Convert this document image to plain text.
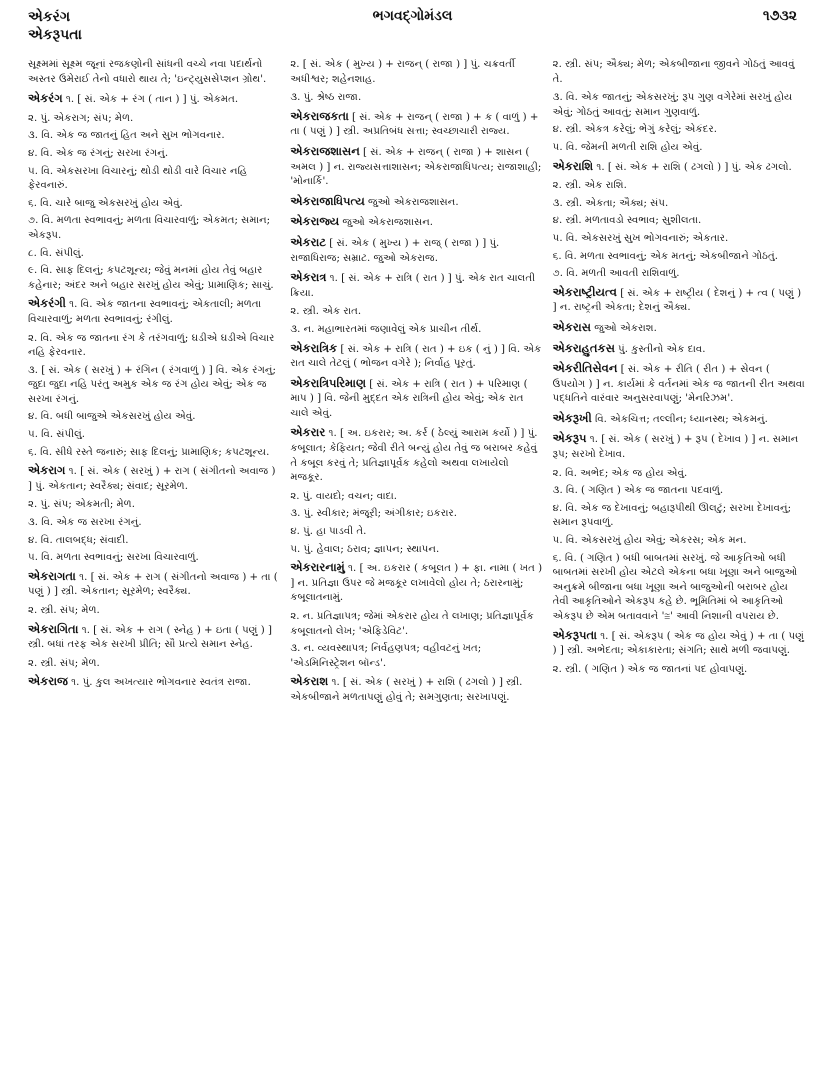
એકરંગ
એકરૂપતા
ભગવદ્ગોમંડલ	૧૭૩૨
સૂક્ષ્મમાં સૂક્ષ્મ જૂનાં રજકણોની સાંધની વચ્ચે નવા પદાર્થનો અસ્તર ઉમેરાઈ તેનો વધારો થાય તે; 'ઇન્ટ્યુસસેપ્શન ગ્રોથ'.
એકરંગ ૧. [ સં. એક + રંગ ( તાન ) ] પું. એકમત.
૨. પું. એકરાગ; સંપ; મેળ.
૩. વિ. એક જ જાતનું હિત અને સુખ ભોગવનાર.
૪. વિ. એક જ રંગનું; સરખા રંગનું.
૫. વિ. એકસરખા વિચારનું; થોડી થોડી વારે વિચાર નહિ ફેરવનારું.
૬. વિ. ચારે બાજુ એકસરખું હોય એવું.
૭. વિ. મળતા સ્વભાવનું; મળતા વિચારવાળું; એકમત; સમાન; એકરૂપ.
૮. વિ. સંપીલું.
૯. વિ. સાફ દિલનું; કપટશૂન્ય; જેવું મનમાં હોય તેવું બહાર કહેનાર; અંદર અને બહાર સરખું હોય એવું; પ્રામાણિક; સાચું.
એકરંગી ૧. વિ. એક જાતના સ્વભાવનું; એકતાલી; મળતા વિચારવાળું; મળતા સ્વભાવનું; રંગીલું.
૨. વિ. એક જ જાતના રંગ કે તરંગવાળું; ઘડીએ ઘડીએ વિચાર નહિ ફેરવનાર.
૩. [ સં. એક ( સરખું ) + રંગિન ( રંગવાળું ) ] વિ. એક રંગનું; જુદા જુદા નહિ પરંતુ અમુક એક જ રંગ હોય એવું; એક જ સરખા રંગનું.
૪. વિ. બધી બાજુએ એકસરખું હોય એવું.
૫. વિ. સંપીલું.
૬. વિ. સીધે રસ્તે જનારું; સાફ દિલનું; પ્રામાણિક; કપટશૂન્ય.
એકરાગ ૧. [ સં. એક ( સરખું ) + રાગ ( સંગીતનો અવાજ ) ] પું. એકતાન; સ્વરૈક્ય; સંવાદ; સૂરમેળ.
૨. પું. સંપ; એકમતી; મેળ.
૩. વિ. એક જ સરખા રંગનું.
૪. વિ. તાલબદ્ધ; સંવાદી.
૫. વિ. મળતા સ્વભાવનું; સરખા વિચારવાળું.
એકરાગતા ૧. [ સં. એક + રાગ ( સંગીતનો અવાજ ) + તા ( પણું ) ] સ્ત્રી. એકતાન; સૂરમેળ; સ્વરૈક્ય.
૨. સ્ત્રી. સંપ; મેળ.
એકરાગિતા ૧. [ સં. એક + રાગ ( સ્નેહ ) + ઇતા ( પણું ) ] સ્ત્રી. બધાં તરફ એક સરખી પ્રીતિ; સૌ પ્રત્યે સમાન સ્નેહ.
૨. સ્ત્રી. સંપ; મેળ.
એકરાજ ૧. પું. કુલ અખત્યાર ભોગવનાર સ્વતંત્ર રાજા.
૨. [ સં. એક ( મુખ્ય ) + રાજન્ ( રાજા ) ] પું. ચક્રવર્તી અધીશ્વર; શહેનશાહ.
૩. પું. શ્રેષ્ઠ રાજા.
એકરાજકતા [ સં. એક + રાજન્ ( રાજા ) + ક ( વાળું ) + તા ( પણું ) ] સ્ત્રી. અપ્રતિબંધ સત્તા; સ્વચ્છાચારી રાજ્ય.
એકરાજશાસન [ સં. એક + રાજન્ ( રાજા ) + શાસન ( અમલ ) ] ન. રાજ્યસત્તાશાસન; એકરાજાધિપત્ય; રાજાશાહી; 'મોનાર્કિ'.
એકરાજાધિપત્ય જુઓ એકરાજશાસન.
એકરાજ્ય જુઓ એકરાજશાસન.
એકરાટ [ સં. એક ( મુખ્ય ) + રાજ્ ( રાજા ) ] પું. રાજાધિરાજ; સમ્રાટ. જુઓ એકરાજ.
એકરાત્ર ૧. [ સં. એક + રાત્રિ ( રાત ) ] પું. એક રાત ચાલતી ક્રિયા.
૨. સ્ત્રી. એક રાત.
૩. ન. મહાભારતમાં જણાવેલું એક પ્રાચીન તીર્થ.
એકરાત્રિક [ સં. એક + રાત્રિ ( રાત ) + ઇક ( નું ) ] વિ. એક રાત ચાલે તેટલું ( ભોજન વગેરે ); નિર્વાહ પૂરતું.
એકરાત્રિપરિમાણ [ સં. એક + રાત્રિ ( રાત ) + પરિમાણ ( માપ ) ] વિ. જેની મુદ્દત એક રાત્રિની હોય એવું; એક રાત ચાલે એવું.
એકરાર ૧. [ અ. ઇકરાર; અ. કર્ર ( ઠેલ્યું આરામ કર્યો ) ] પું. કબૂલાત; કેફિયત; જેવી રીતે બન્યું હોય તેવું જ બરાબર કહેવું તે કબૂલ કરવું તે; પ્રતિજ્ઞાપૂર્વક કહેલો અથવા લખાયેલો મજકૂર.
૨. પું. વાયદો; વચન; વાદા.
૩. પું. સ્વીકાર; મંજૂરી; અંગીકાર; ઇકરાર.
૪. પું. હા પાડવી તે.
૫. પું. હેવાલ; ઠરાવ; જ્ઞાપન; સ્થાપન.
એકરારનામું ૧. [ અ. ઇકરાર ( કબૂલત ) + ફા. નામા ( ખત ) ] ન. પ્રતિજ્ઞા ઉપર જે મજકૂર લખાવેલો હોય તે; ઠરારનામું; કબૂલાતનામું.
૨. ન. પ્રતિજ્ઞાપત્ર; જેમાં એકરાર હોય તે લખાણ; પ્રતિજ્ઞાપૂર્વક કબૂલાતનો લેખ; 'એફિડેવિટ'.
૩. ન. વ્યવસ્થાપત્ર; નિર્વહણપત્ર; વહીવટનું ખત; 'એડમિનિસ્ટ્રેશન બૉન્ડ'.
એકરાશ ૧. [ સં. એક ( સરખું ) + રાશિ ( ઢગલો ) ] સ્ત્રી. એકબીજાને મળતાપણું હોવું તે; સમગુણતા; સરખાપણું.
૨. સ્ત્રી. સંપ; ઐક્ય; મેળ; એકબીજાના જીવને ગોઠતું આવવું તે.
૩. વિ. એક જાતનું; એકસરખું; રૂપ ગુણ વગેરેમાં સરખું હોય એવું; ગોઠતું આવતું; સમાન ગુણવાળું.
૪. સ્ત્રી. એકત્ર કરેલું; ભેગું કરેલું; એકંદર.
૫. વિ. જેમની મળતી રાશિ હોય એવું.
એકરાશિ ૧. [ સં. એક + રાશિ ( ઢગલો ) ] પું. એક ઢગલો.
૨. સ્ત્રી. એક રાશિ.
૩. સ્ત્રી. એકતા; ઐક્ય; સંપ.
૪. સ્ત્રી. મળતાવડો સ્વભાવ; સુશીલતા.
૫. વિ. એકસરખું સુખ ભોગવનારું; એકતાર.
૬. વિ. મળતા સ્વભાવનું; એક મતનું; એકબીજાને ગોઠતું.
૭. વિ. મળતી આવતી રાશિવાળું.
એકરાષ્ટ્રીયત્વ [ સં. એક + રાષ્ટ્રીય ( દેશનું ) + ત્વ ( પણું ) ] ન. રાષ્ટ્રની એકતા; દેશનું ઐક્ય.
એકરાસ જુઓ એકરાશ.
એકરાહુતકસ પું. કુસ્તીનો એક દાવ.
એકરીતિસેવન [ સં. એક + રીતિ ( રીત ) + સેવન ( ઉપયોગ ) ] ન. કાર્યમાં કે વર્તનમાં એક જ જાતની રીત અથવા પદ્ધતિને વારંવાર અનુસરવાપણું; 'મેનરિઝમ'.
એકરૂખી વિ. એકચિત્ત; તલ્લીન; ધ્યાનસ્થ; એકમનું.
એકરૂપ ૧. [ સં. એક ( સરખું ) + રૂપ ( દેખાવ ) ] ન. સમાન રૂપ; સરખો દેખાવ.
૨. વિ. અભેદ; એક જ હોય એવું.
૩. વિ. ( ગણિત ) એક જ જાતના પદવાળું.
૪. વિ. એક જ દેખાવનું; બહારૂપીથી ઊલટું; સરખા દેખાવનું; સમાન રૂપવાળું.
૫. વિ. એકસરખું હોય એવું; એકરસ; એક મન.
૬. વિ. ( ગણિત ) બધી બાબતમાં સરખું. જે આકૃતિઓ બધી બાબતમાં સરખી હોય એટલે એકના બધા ખૂણા અને બાજુઓ અનુક્રમે બીજાના બધા ખૂણા અને બાજુઓની બરાબર હોય તેવી આકૃતિઓને એકરૂપ કહે છે. ભૂમિતિમાં બે આકૃતિઓ એકરૂપ છે એમ બતાવવાને '≅' આવી નિશાની વપરાય છે.
એકરૂપતા ૧. [ સં. એકરૂપ ( એક જ હોય એવું ) + તા ( પણું ) ] સ્ત્રી. અભેદતા; એકાકારતા; સંગતિ; સાથે મળી જવાપણું.
૨. સ્ત્રી. ( ગણિત ) એક જ જાતનાં પદ હોવાપણું.
